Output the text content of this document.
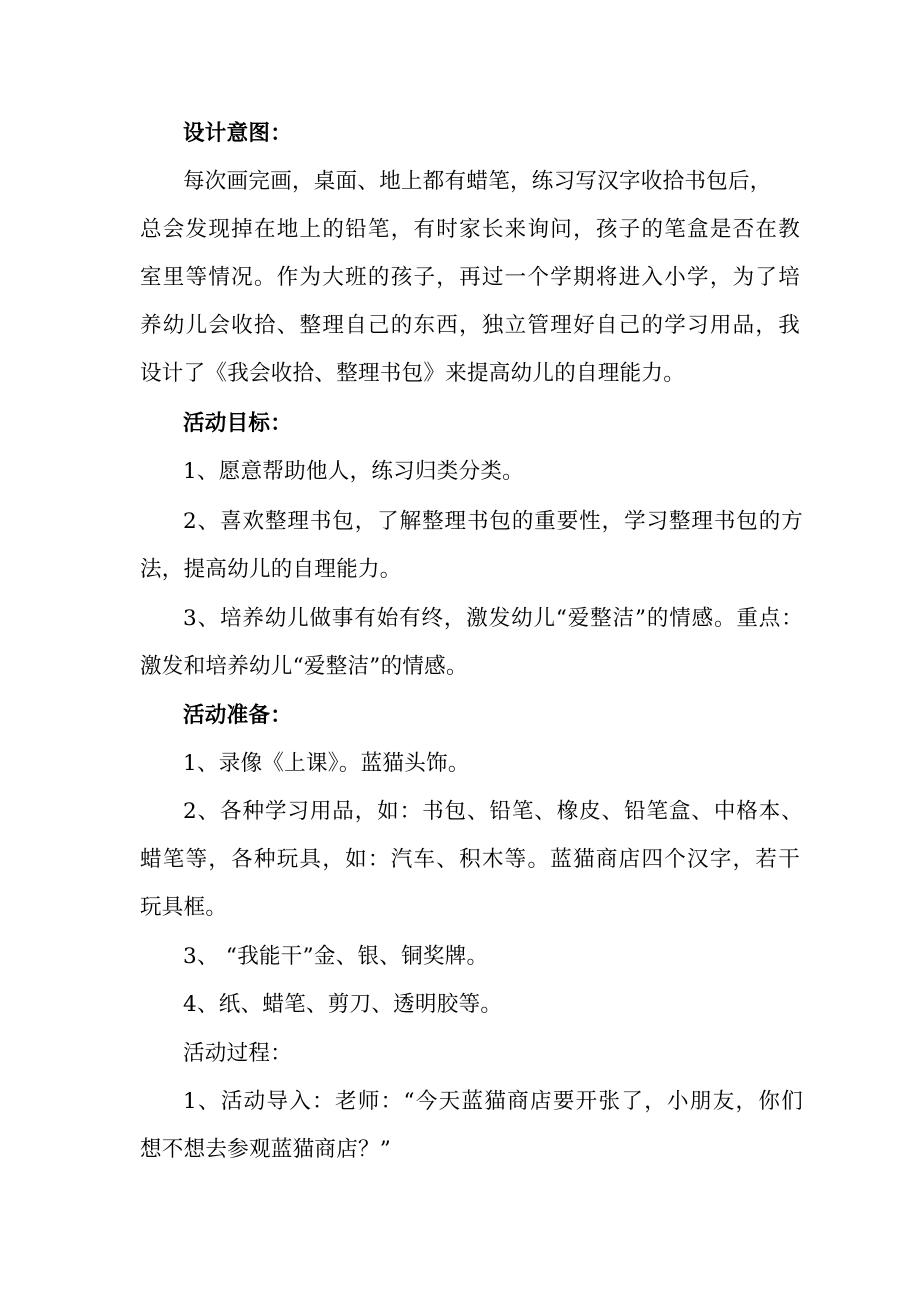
设计意图：
每次画完画，桌面、地上都有蜡笔，练习写汉字收拾书包后，
总会发现掉在地上的铅笔，有时家长来询问，孩子的笔盒是否在教
室里等情况。作为大班的孩子，再过一个学期将进入小学，为了培
养幼儿会收拾、整理自己的东西，独立管理好自己的学习用品，我
设计了《我会收拾、整理书包》来提高幼儿的自理能力。
活动目标：
1、愿意帮助他人，练习归类分类。
2、喜欢整理书包，了解整理书包的重要性，学习整理书包的方
法，提高幼儿的自理能力。
3、培养幼儿做事有始有终，激发幼儿“爱整洁”的情感。重点：
激发和培养幼儿“爱整洁”的情感。
活动准备：
1、录像《上课》。蓝猫头饰。
2、各种学习用品，如：书包、铅笔、橡皮、铅笔盒、中格本、
蜡笔等，各种玩具，如：汽车、积木等。蓝猫商店四个汉字，若干
玩具框。
3、 “我能干”金、银、铜奖牌。
4、纸、蜡笔、剪刀、透明胶等。
活动过程：
1、活动导入：老师：“今天蓝猫商店要开张了，小朋友，你们
想不想去参观蓝猫商店？”
